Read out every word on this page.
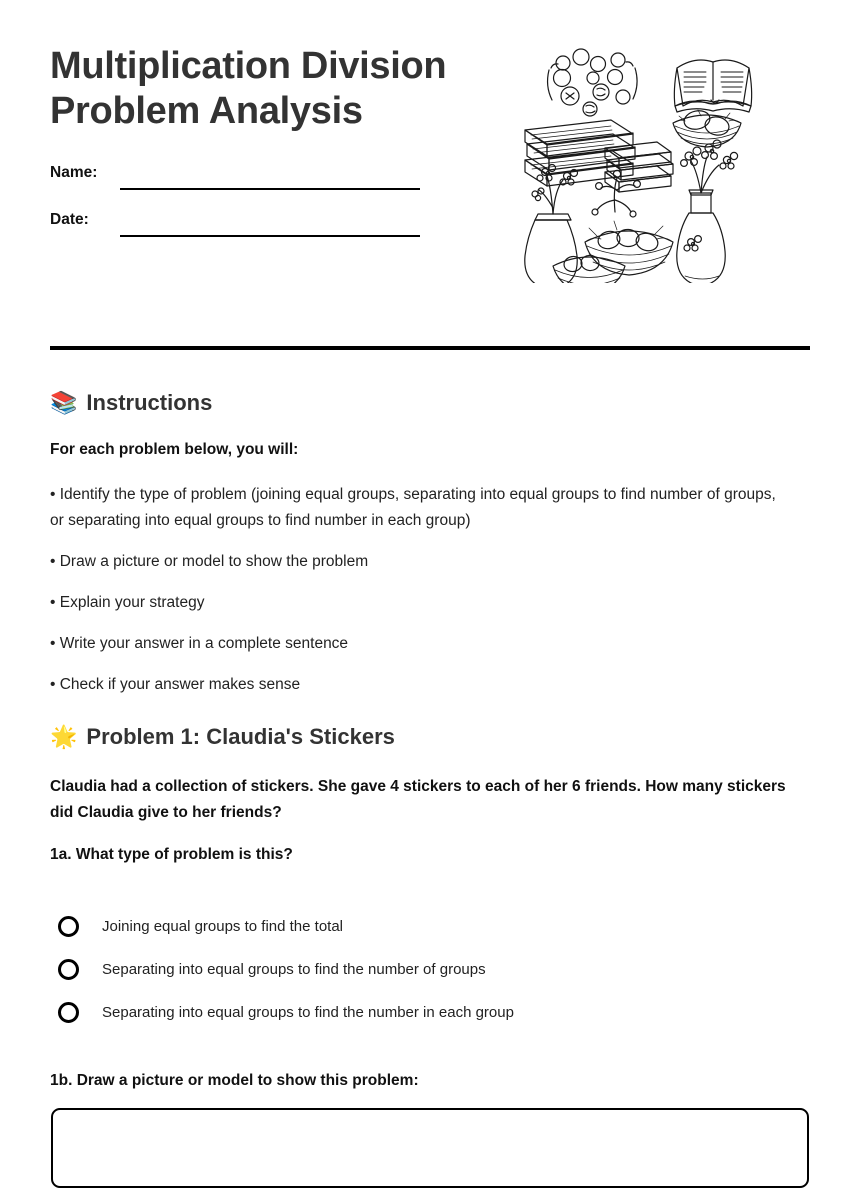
Multiplication Division Problem Analysis
Name:
Date:
📚 Instructions
For each problem below, you will:
• Identify the type of problem (joining equal groups, separating into equal groups to find number of groups, or separating into equal groups to find number in each group)
• Draw a picture or model to show the problem
• Explain your strategy
• Write your answer in a complete sentence
• Check if your answer makes sense
🌟 Problem 1: Claudia's Stickers
Claudia had a collection of stickers. She gave 4 stickers to each of her 6 friends. How many stickers did Claudia give to her friends?
1a. What type of problem is this?
Joining equal groups to find the total
Separating into equal groups to find the number of groups
Separating into equal groups to find the number in each group
1b. Draw a picture or model to show this problem:
